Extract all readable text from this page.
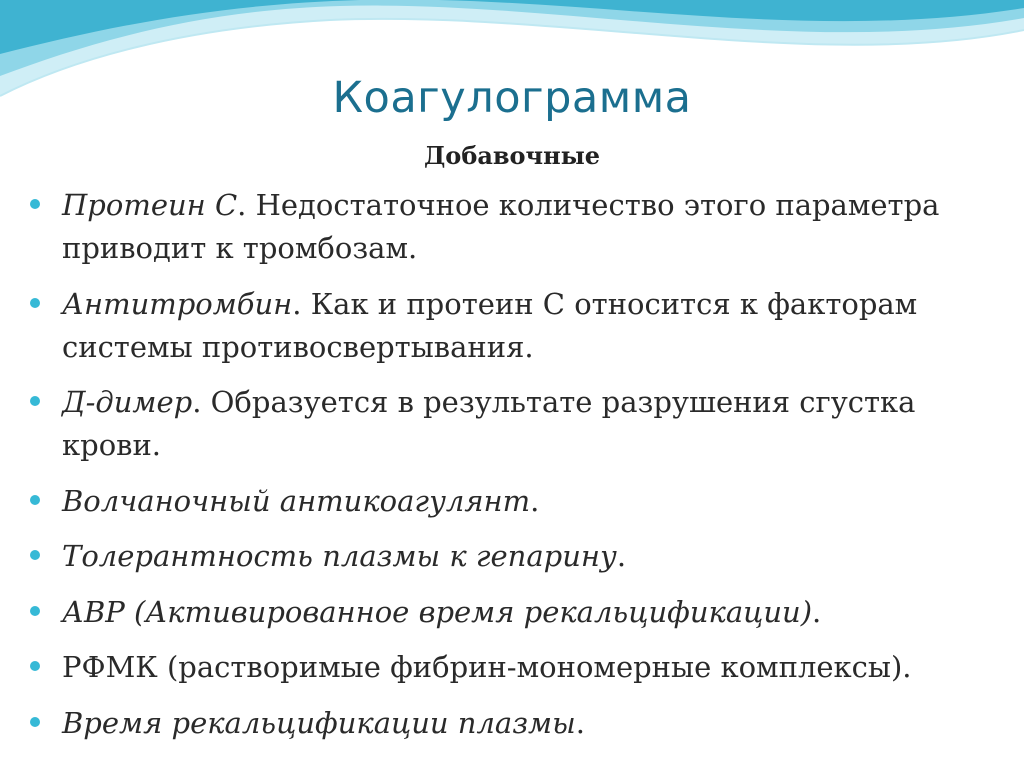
Коагулограмма
Добавочные
Протеин С. Недостаточное количество этого параметра приводит к тромбозам.
Антитромбин. Как и протеин С относится к факторам системы противосвертывания.
Д-димер. Образуется в результате разрушения сгустка крови.
Волчаночный антикоагулянт.
Толерантность плазмы к гепарину.
АВР (Активированное время рекальцификации).
РФМК (растворимые фибрин-мономерные комплексы).
Время рекальцификации плазмы.
